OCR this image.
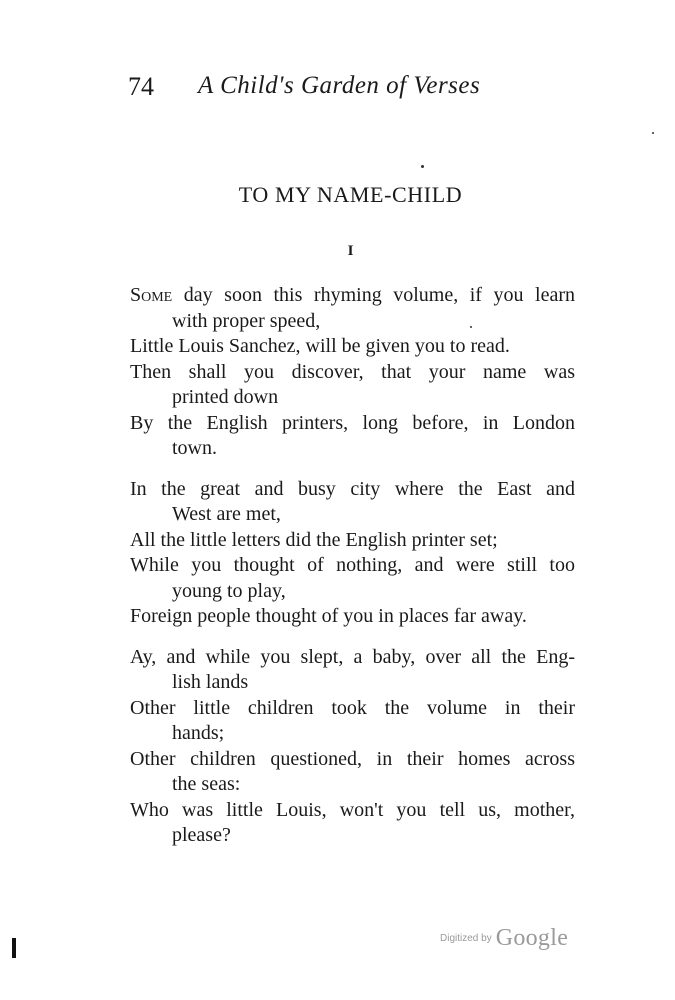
74 A Child's Garden of Verses
TO MY NAME-CHILD
I
Some day soon this rhyming volume, if you learn
with proper speed,
Little Louis Sanchez, will be given you to read.
Then shall you discover, that your name was
printed down
By the English printers, long before, in London
town.
In the great and busy city where the East and
West are met,
All the little letters did the English printer set;
While you thought of nothing, and were still too
young to play,
Foreign people thought of you in places far away.
Ay, and while you slept, a baby, over all the Eng-
lish lands
Other little children took the volume in their
hands;
Other children questioned, in their homes across
the seas:
Who was little Louis, won't you tell us, mother,
please?
Digitized by Google
